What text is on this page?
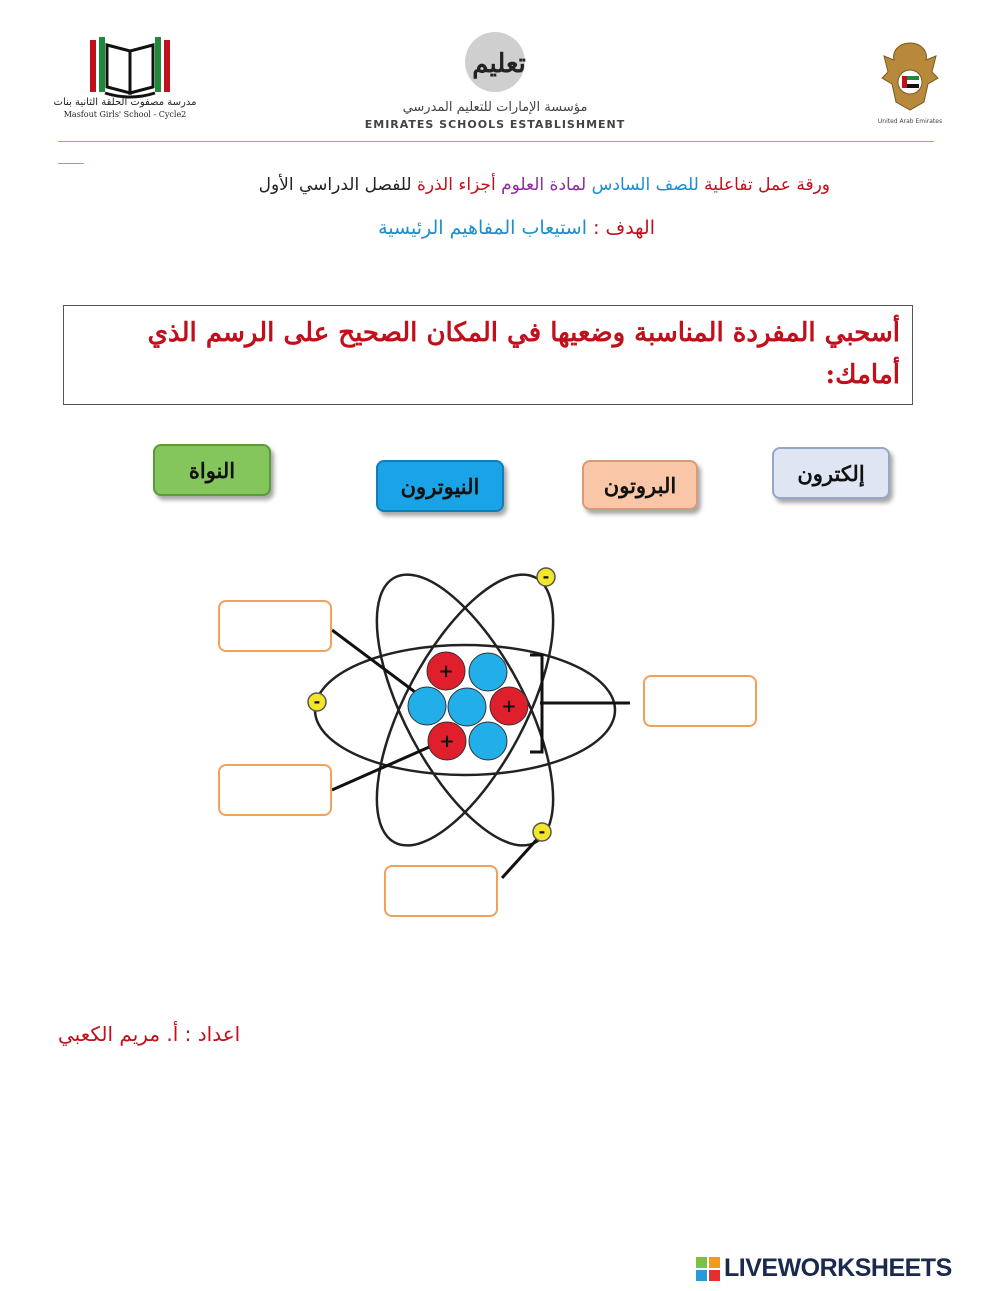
مدرسة مصفوت الحلقة الثانية بنات
Masfout Girls' School - Cycle2
تعليم
مؤسسة الإمارات للتعليم المدرسي
EMIRATES SCHOOLS ESTABLISHMENT	United Arab Emirates
ورقة عمل تفاعلية للصف السادس لمادة العلوم أجزاء الذرة للفصل الدراسي الأول
الهدف : استيعاب المفاهيم الرئيسية
أسحبي المفردة المناسبة وضعيها في المكان الصحيح على الرسم الذي أمامك:
النواة
النيوترون	البروتون	إلكترون
+
+
+
-
-
-
اعداد : أ. مريم الكعبي
LIVEWORKSHEETS
